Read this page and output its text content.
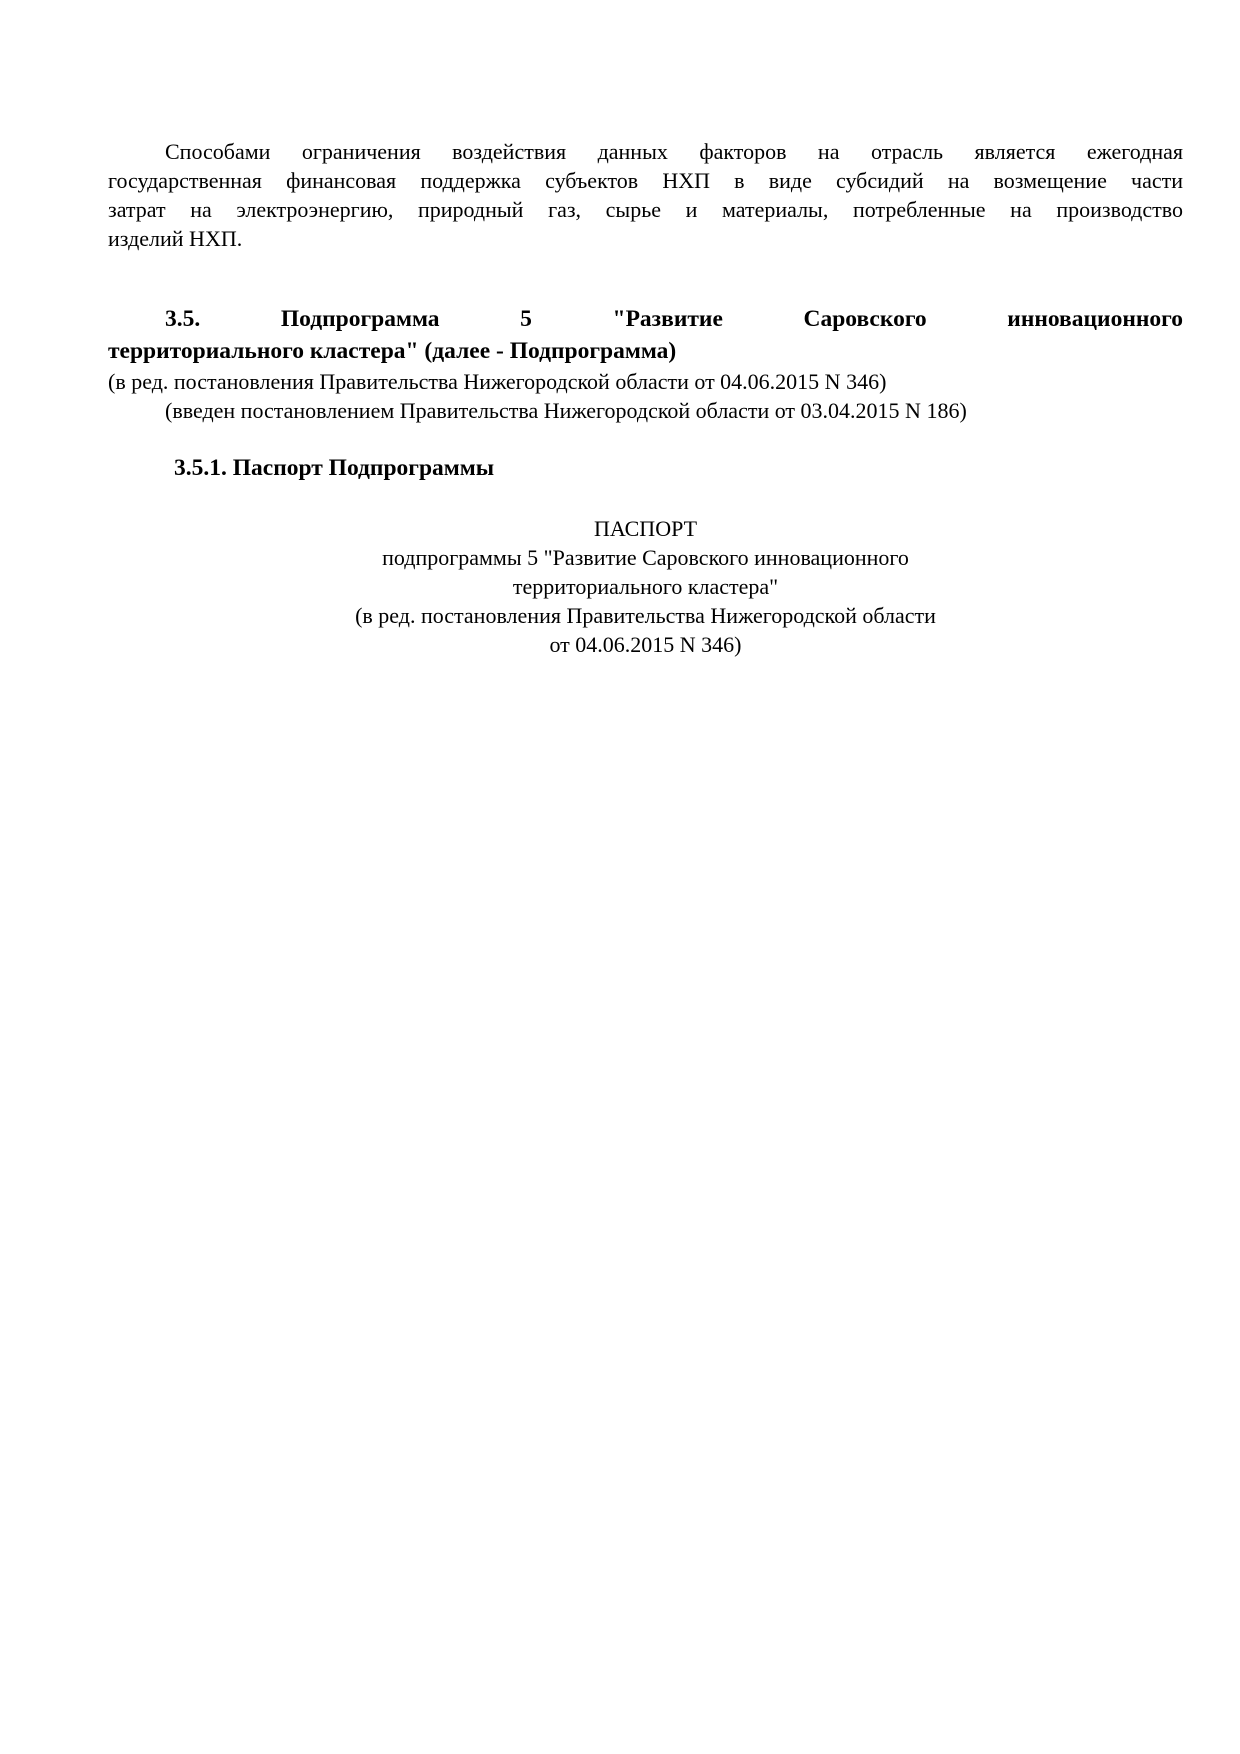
Способами ограничения воздействия данных факторов на отрасль является ежегодная
государственная финансовая поддержка субъектов НХП в виде субсидий на возмещение части
затрат на электроэнергию, природный газ, сырье и материалы, потребленные на производство
изделий НХП.
3.5. Подпрограмма 5 "Развитие Саровского инновационного
территориального кластера" (далее - Подпрограмма)
(в ред. постановления Правительства Нижегородской области от 04.06.2015 N 346)
(введен постановлением Правительства Нижегородской области от 03.04.2015 N 186)
3.5.1. Паспорт Подпрограммы
ПАСПОРТ
подпрограммы 5 "Развитие Саровского инновационного
территориального кластера"
(в ред. постановления Правительства Нижегородской области
от 04.06.2015 N 346)
